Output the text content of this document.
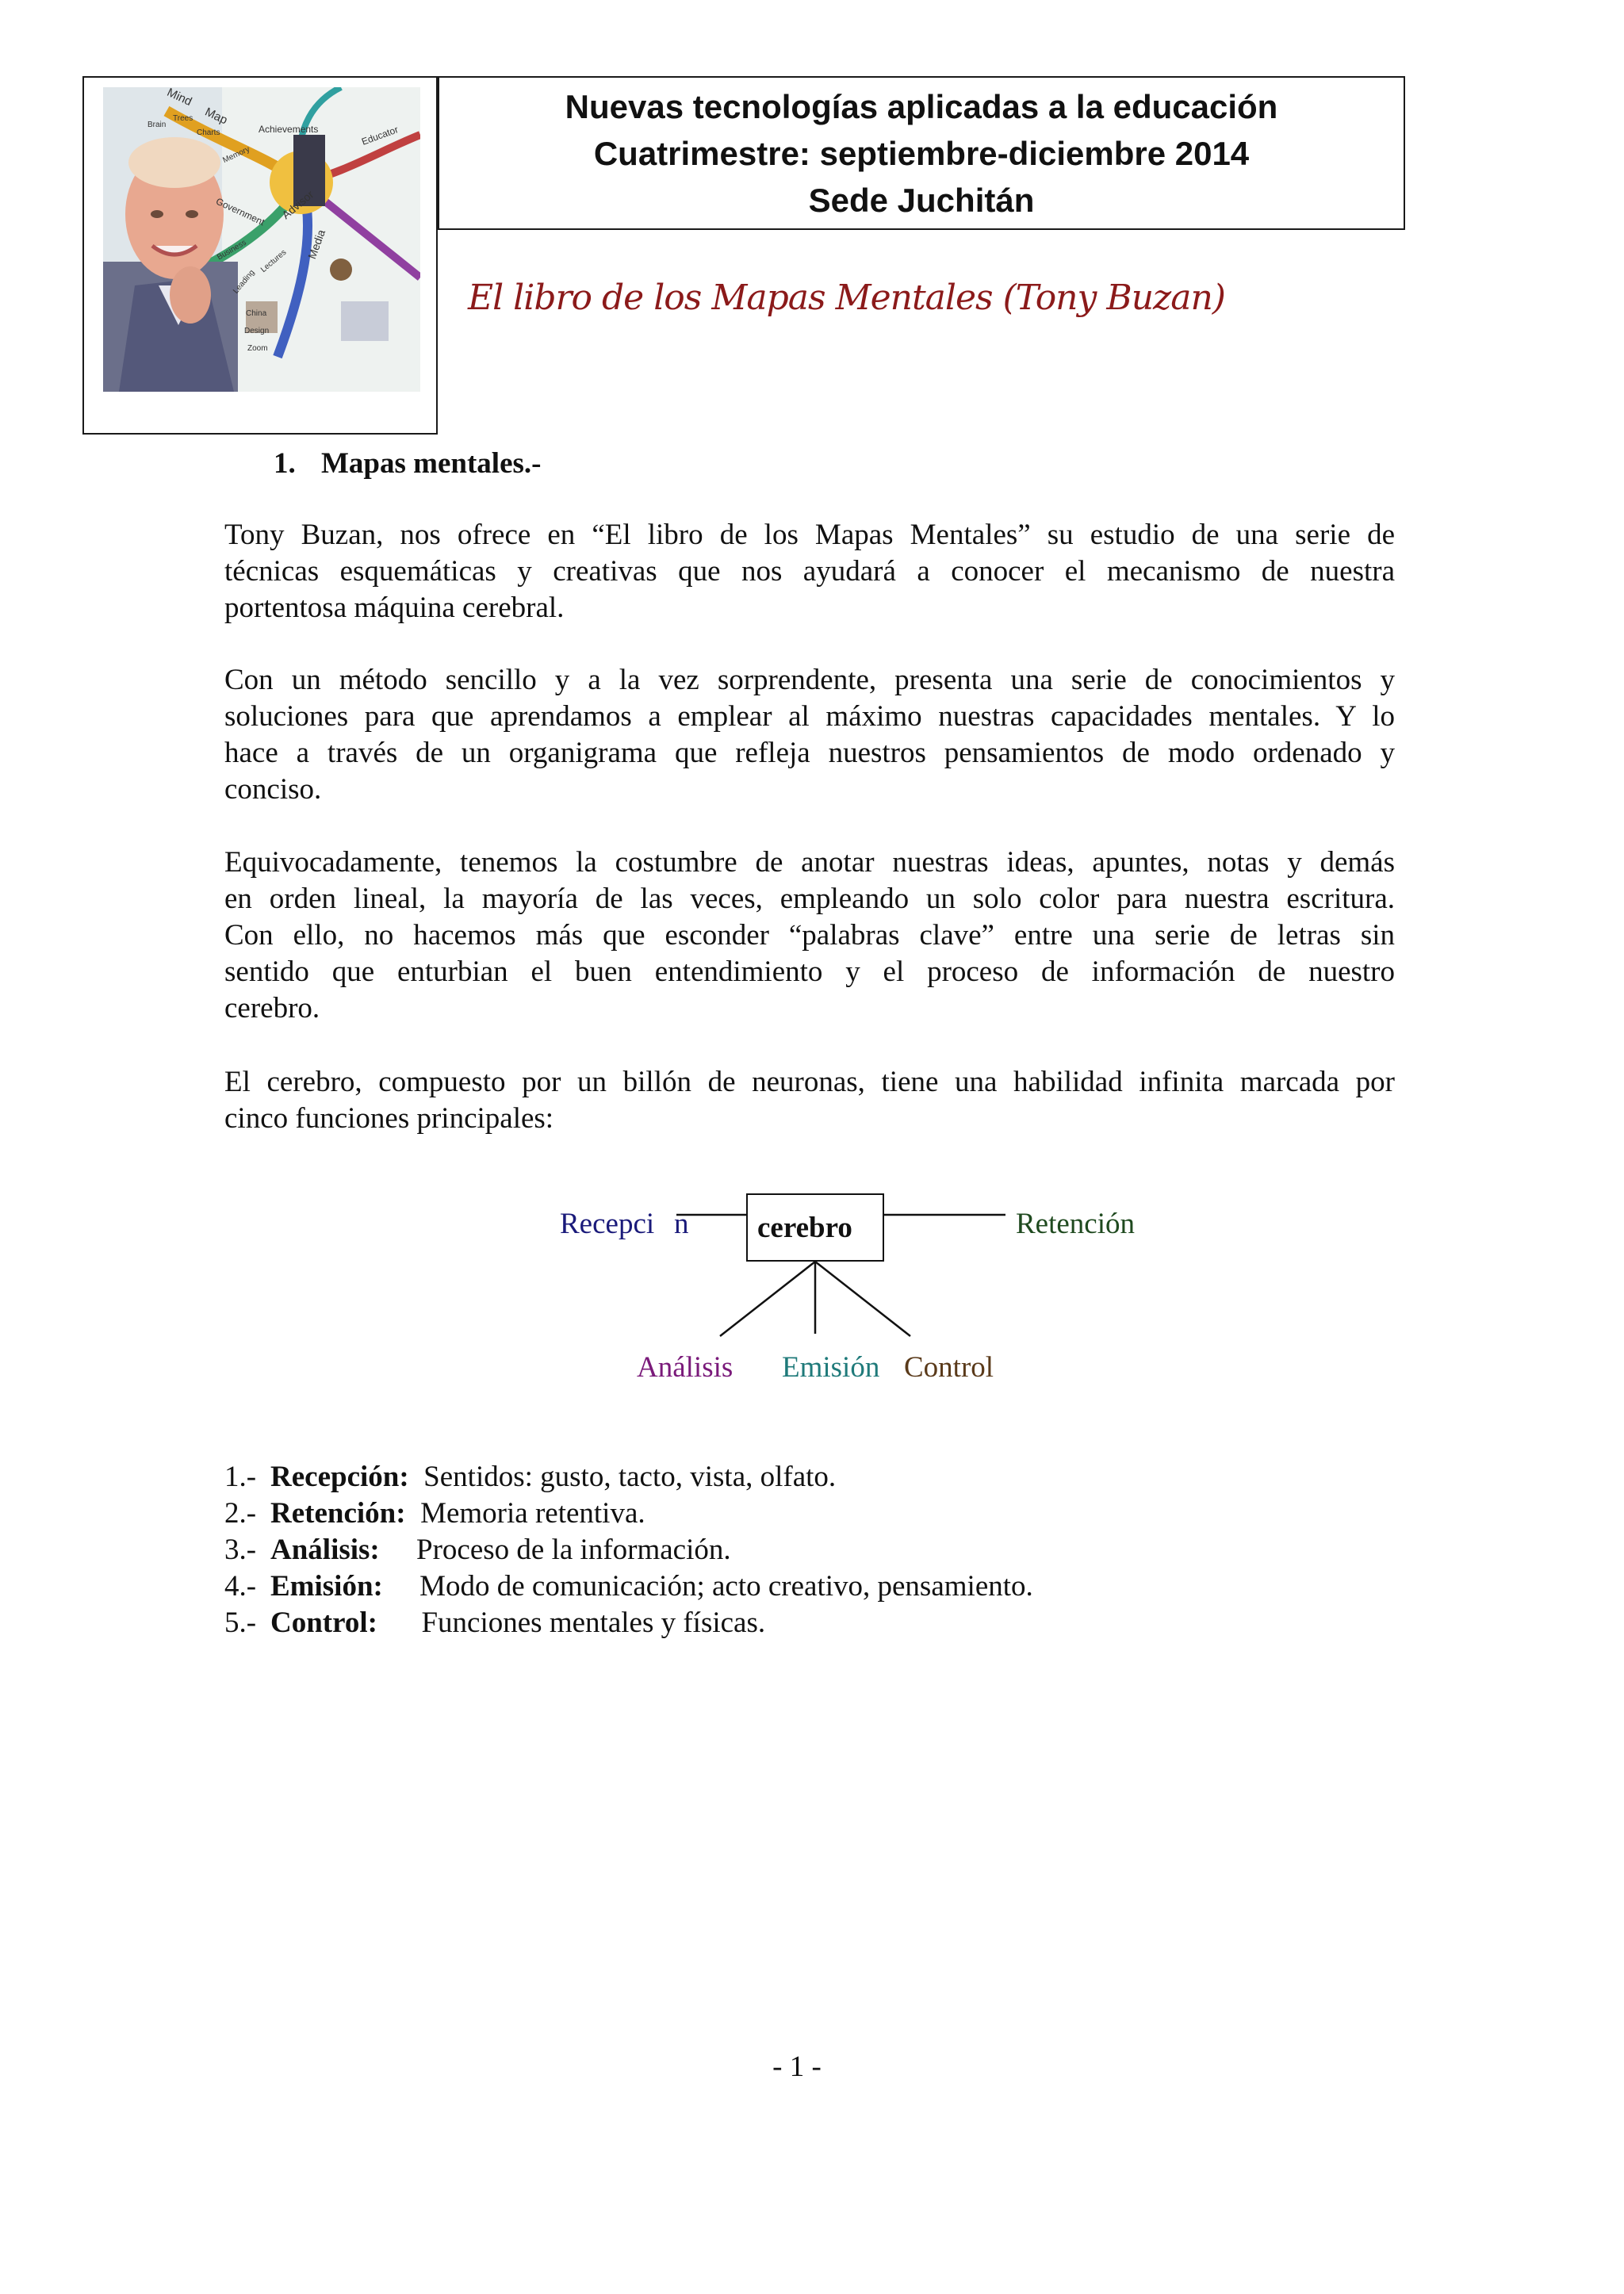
Mind
Map
Brain
Trees
Charts
Memory
Achievements	Educator
Advisor
Government
Business	Media
Lectures
Leading
China
Design
Zoom
Nuevas tecnologías aplicadas a la educación
Cuatrimestre: septiembre-diciembre 2014
Sede Juchitán
El libro de los Mapas Mentales (Tony Buzan)
1. Mapas mentales.-
Tony Buzan, nos ofrece en “El libro de los Mapas Mentales” su estudio de una serie de
técnicas esquemáticas y creativas que nos ayudará a conocer el mecanismo de nuestra
portentosa máquina cerebral.
Con un método sencillo y a la vez sorprendente, presenta una serie de conocimientos y
soluciones para que aprendamos a emplear al máximo nuestras capacidades mentales. Y lo
hace a través de un organigrama que refleja nuestros pensamientos de modo ordenado y
conciso.
Equivocadamente, tenemos la costumbre de anotar nuestras ideas, apuntes, notas y demás
en orden lineal, la mayoría de las veces, empleando un solo color para nuestra escritura.
Con ello, no hacemos más que esconder “palabras clave” entre una serie de letras sin
sentido que enturbian el buen entendimiento y el proceso de información de nuestro
cerebro.
El cerebro, compuesto por un billón de neuronas, tiene una habilidad infinita marcada por
cinco funciones principales:
cerebro
Recepci n	Retención
Análisis Emisión Control
1.- Recepción: Sentidos: gusto, tacto, vista, olfato.
2.- Retención: Memoria retentiva.
3.- Análisis: Proceso de la información.
4.- Emisión: Modo de comunicación; acto creativo, pensamiento.
5.- Control: Funciones mentales y físicas.
- 1 -
